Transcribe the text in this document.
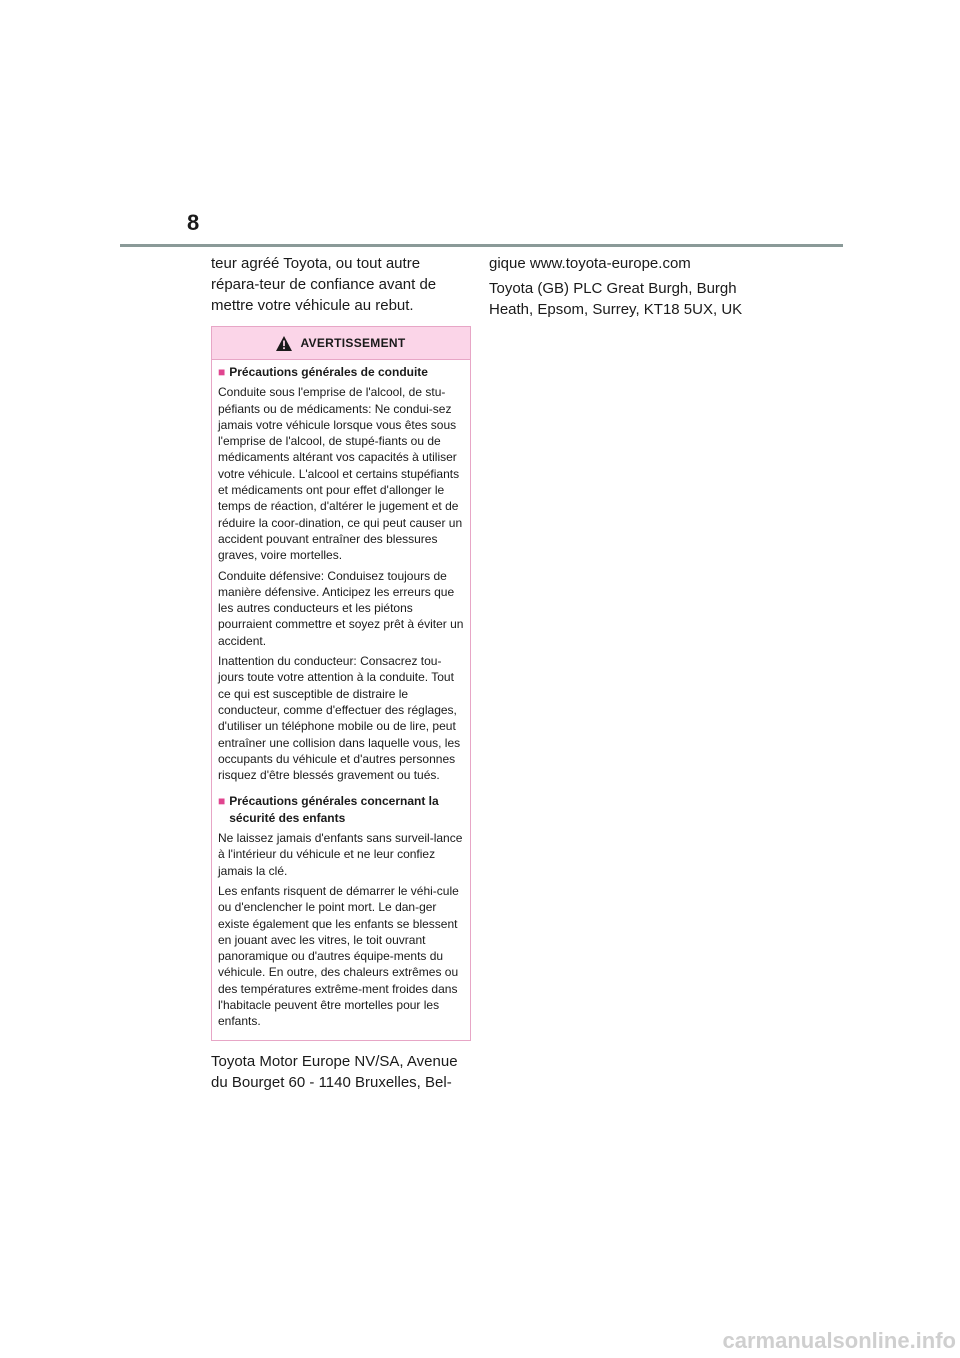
8

teur agréé Toyota, ou tout autre répara-teur de confiance avant de mettre votre véhicule au rebut.

AVERTISSEMENT
■ Précautions générales de conduite

Conduite sous l'emprise de l'alcool, de stu-péfiants ou de médicaments: Ne condui-sez jamais votre véhicule lorsque vous êtes sous l'emprise de l'alcool, de stupé-fiants ou de médicaments altérant vos capacités à utiliser votre véhicule. L'alcool et certains stupéfiants et médicaments ont pour effet d'allonger le temps de réaction, d'altérer le jugement et de réduire la coor-dination, ce qui peut causer un accident pouvant entraîner des blessures graves, voire mortelles.

Conduite défensive: Conduisez toujours de manière défensive. Anticipez les erreurs que les autres conducteurs et les piétons pourraient commettre et soyez prêt à éviter un accident.

Inattention du conducteur: Consacrez tou-jours toute votre attention à la conduite. Tout ce qui est susceptible de distraire le conducteur, comme d'effectuer des réglages, d'utiliser un téléphone mobile ou de lire, peut entraîner une collision dans laquelle vous, les occupants du véhicule et d'autres personnes risquez d'être blessés gravement ou tués.

■ Précautions générales concernant la sécurité des enfants

Ne laissez jamais d'enfants sans surveil-lance à l'intérieur du véhicule et ne leur confiez jamais la clé.

Les enfants risquent de démarrer le véhi-cule ou d'enclencher le point mort. Le dan-ger existe également que les enfants se blessent en jouant avec les vitres, le toit ouvrant panoramique ou d'autres équipe-ments du véhicule. En outre, des chaleurs extrêmes ou des températures extrême-ment froides dans l'habitacle peuvent être mortelles pour les enfants.

Toyota Motor Europe NV/SA, Avenue du Bourget 60 - 1140 Bruxelles, Bel-

gique www.toyota-europe.com

Toyota (GB) PLC Great Burgh, Burgh Heath, Epsom, Surrey, KT18 5UX, UK

carmanualsonline.info
